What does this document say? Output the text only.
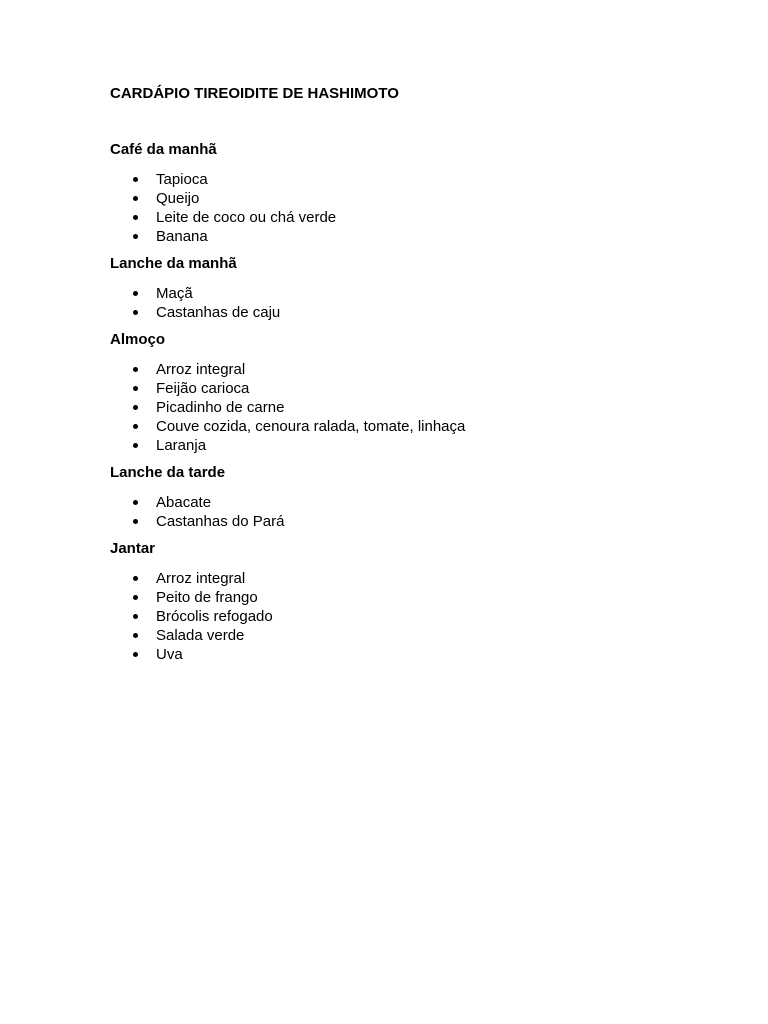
CARDÁPIO TIREOIDITE DE HASHIMOTO
Café da manhã
Tapioca
Queijo
Leite de coco ou chá verde
Banana
Lanche da manhã
Maçã
Castanhas de caju
Almoço
Arroz integral
Feijão carioca
Picadinho de carne
Couve cozida, cenoura ralada, tomate, linhaça
Laranja
Lanche da tarde
Abacate
Castanhas do Pará
Jantar
Arroz integral
Peito de frango
Brócolis refogado
Salada verde
Uva
